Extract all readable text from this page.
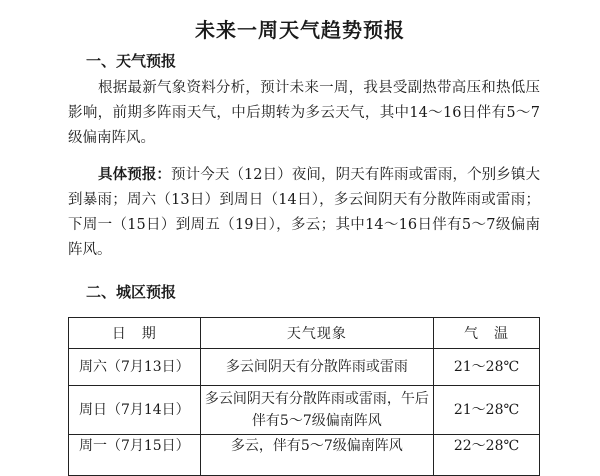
未来一周天气趋势预报
一、天气预报

根据最新气象资料分析，预计未来一周，我县受副热带高压和热低压影响，前期多阵雨天气，中后期转为多云天气，其中14～16日伴有5～7级偏南阵风。

具体预报：预计今天（12日）夜间，阴天有阵雨或雷雨，个别乡镇大到暴雨；周六（13日）到周日（14日），多云间阴天有分散阵雨或雷雨；下周一（15日）到周五（19日），多云；其中14～16日伴有5～7级偏南阵风。

二、城区预报
日　期	天气现象	气　温
周六（7月13日）	多云间阴天有分散阵雨或雷雨	21～28℃
周日（7月14日）	多云间阴天有分散阵雨或雷雨，午后伴有5～7级偏南阵风	21～28℃
周一（7月15日）	多云，伴有5～7级偏南阵风	22～28℃
